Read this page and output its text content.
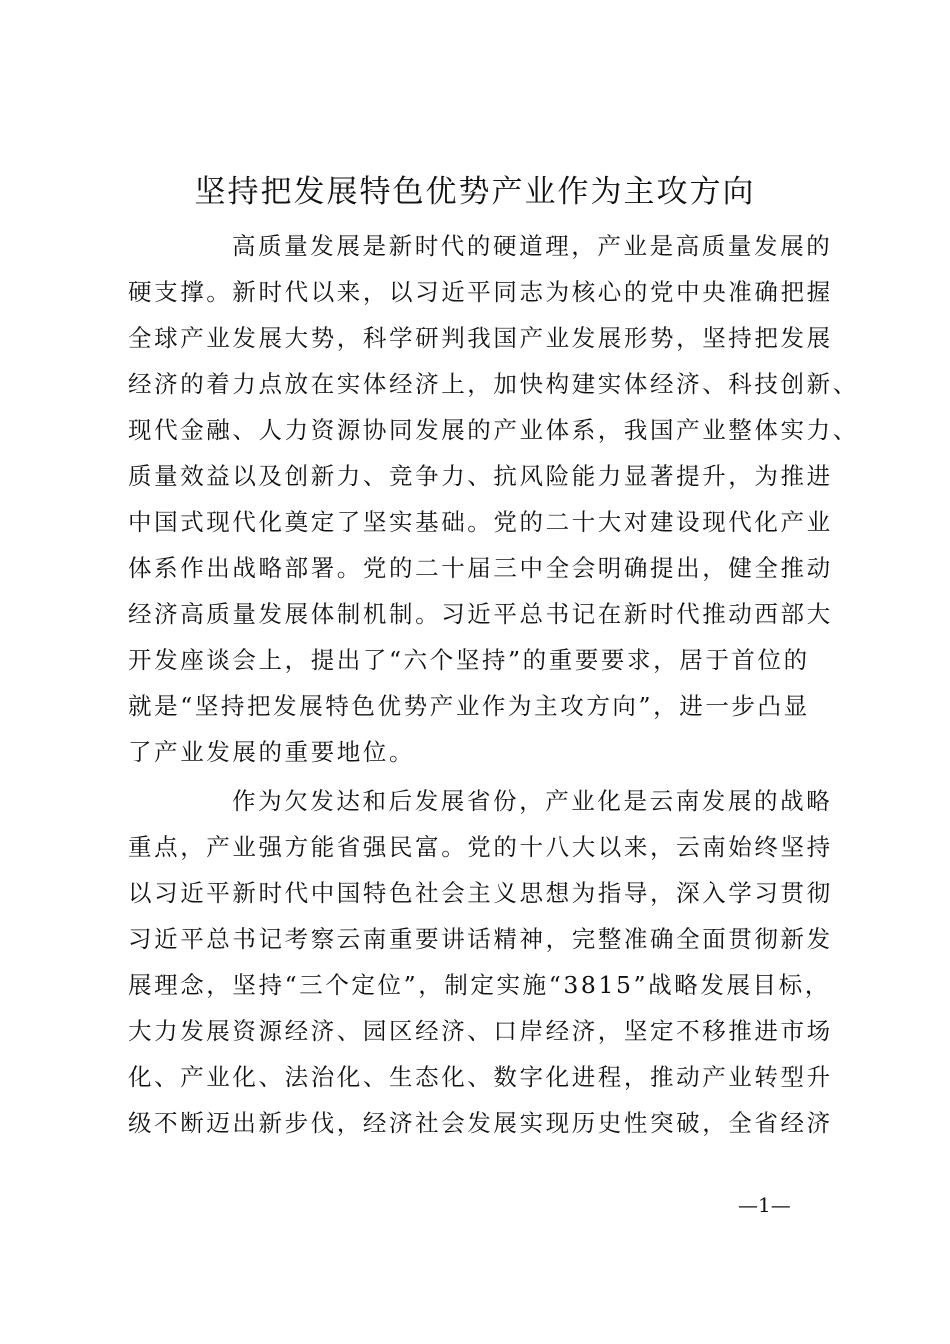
坚持把发展特色优势产业作为主攻方向
高质量发展是新时代的硬道理，产业是高质量发展的
硬支撑。新时代以来，以习近平同志为核心的党中央准确把握
全球产业发展大势，科学研判我国产业发展形势，坚持把发展
经济的着力点放在实体经济上，加快构建实体经济、科技创新、
现代金融、人力资源协同发展的产业体系，我国产业整体实力、
质量效益以及创新力、竞争力、抗风险能力显著提升，为推进
中国式现代化奠定了坚实基础。党的二十大对建设现代化产业
体系作出战略部署。党的二十届三中全会明确提出，健全推动
经济高质量发展体制机制。习近平总书记在新时代推动西部大
开发座谈会上，提出了“六个坚持”的重要要求，居于首位的
就是“坚持把发展特色优势产业作为主攻方向”，进一步凸显
了产业发展的重要地位。
作为欠发达和后发展省份，产业化是云南发展的战略
重点，产业强方能省强民富。党的十八大以来，云南始终坚持
以习近平新时代中国特色社会主义思想为指导，深入学习贯彻
习近平总书记考察云南重要讲话精神，完整准确全面贯彻新发
展理念，坚持“三个定位”，制定实施“3815”战略发展目标，
大力发展资源经济、园区经济、口岸经济，坚定不移推进市场
化、产业化、法治化、生态化、数字化进程，推动产业转型升
级不断迈出新步伐，经济社会发展实现历史性突破，全省经济
—1—
